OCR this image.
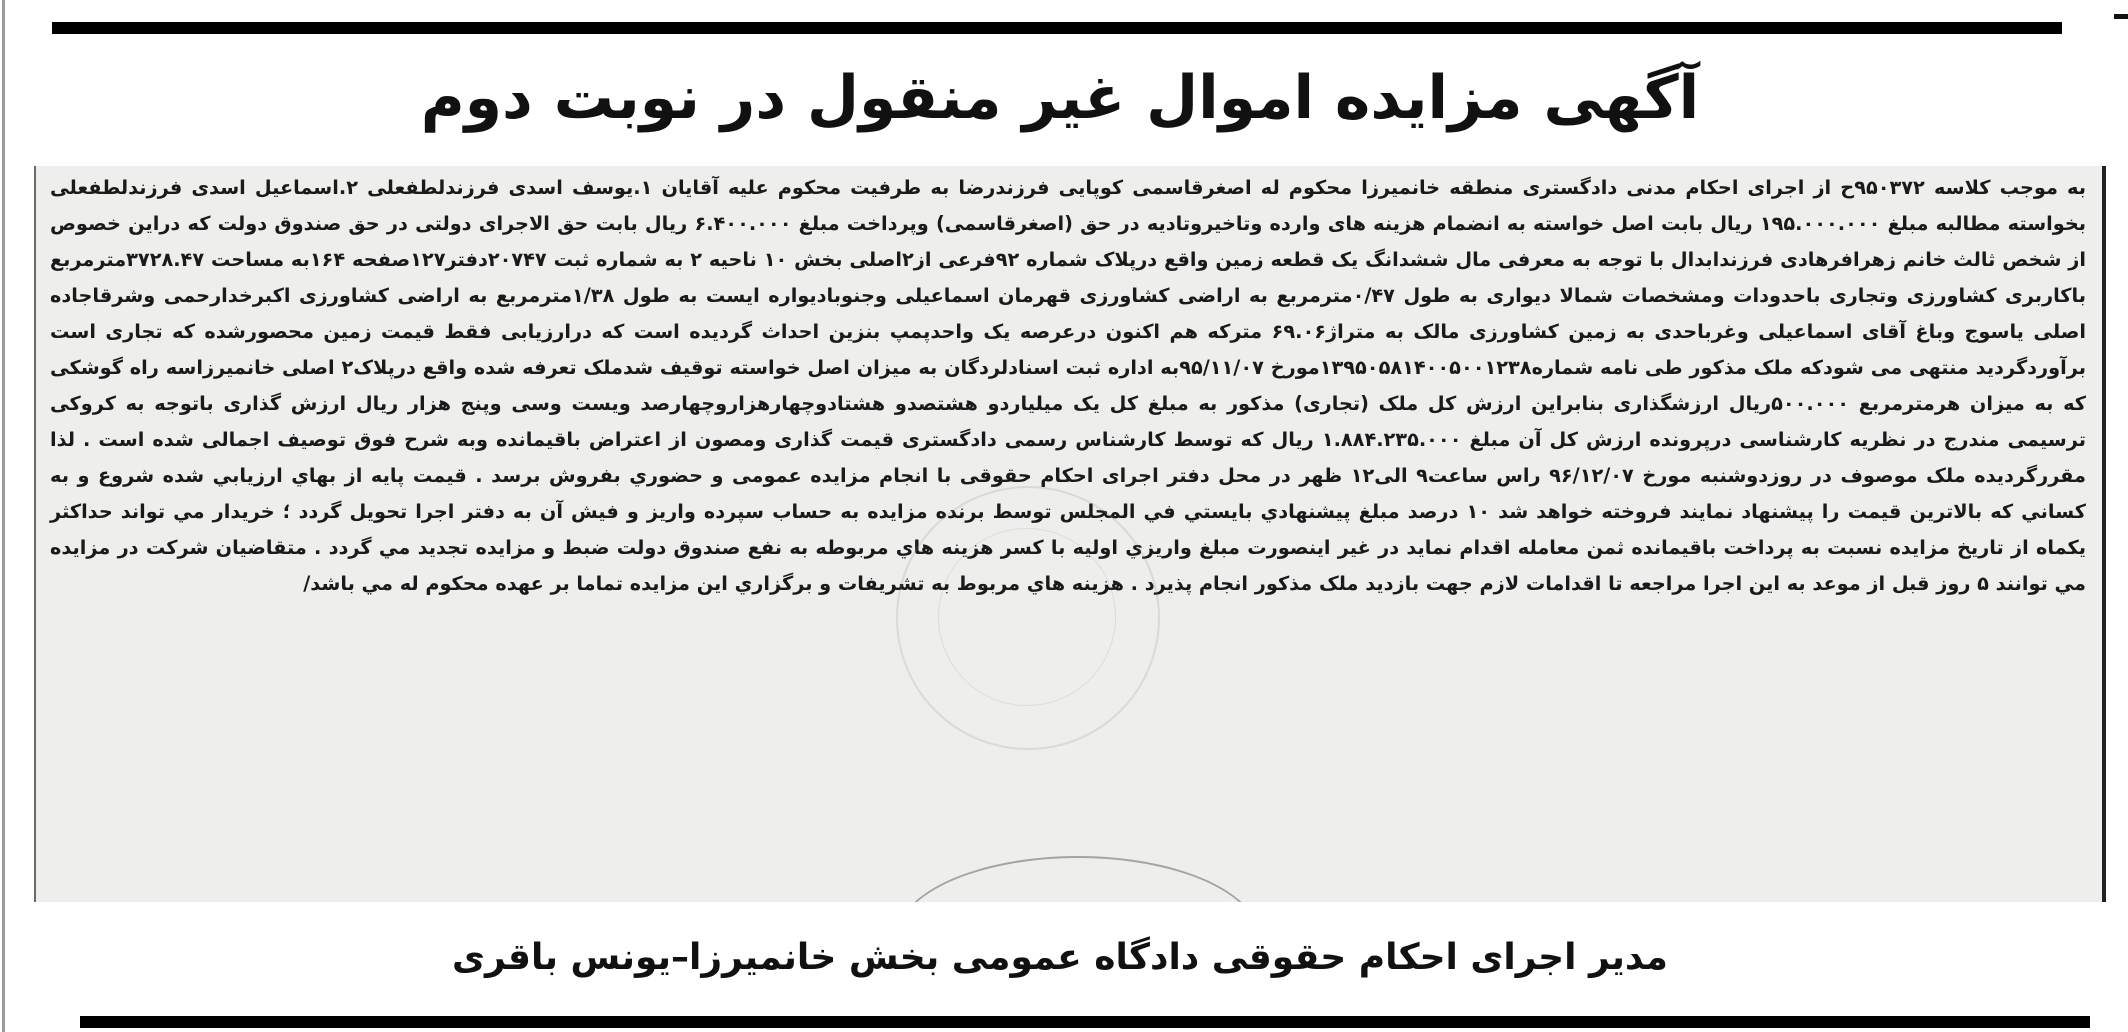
آگهی مزایده اموال غیر منقول در نوبت دوم

به موجب کلاسه ۹۵۰۳۷۲ح از اجرای احکام مدنی دادگستری منطقه خانمیرزا محکوم له اصغرقاسمی کوپایی فرزندرضا به طرفیت محکوم علیه آقایان ۱.یوسف اسدی فرزندلطفعلی ۲.اسماعیل اسدی فرزندلطفعلی بخواسته مطالبه مبلغ ۱۹۵.۰۰۰.۰۰۰ ریال بابت اصل خواسته به انضمام هزینه های وارده وتاخیروتادیه در حق (اصغرقاسمی) وپرداخت مبلغ ۶.۴۰۰.۰۰۰ ریال بابت حق الاجرای دولتی در حق صندوق دولت که دراین خصوص از شخص ثالث خانم زهرافرهادی فرزندابدال با توجه به معرفی مال ششدانگ یک قطعه زمین واقع درپلاک شماره ۹۲فرعی از۲اصلی بخش ۱۰ ناحیه ۲ به شماره ثبت ۲۰۷۴۷دفتر۱۲۷صفحه ۱۶۴به مساحت ۳۷۲۸.۴۷مترمربع باکاربری کشاورزی وتجاری باحدودات ومشخصات شمالا دیواری به طول ۰/۴۷مترمربع به اراضی کشاورزی قهرمان اسماعیلی وجنوبادیواره ایست به طول ۱/۳۸مترمربع به اراضی کشاورزی اکبرخدارحمی وشرقاجاده اصلی یاسوج وباغ آقای اسماعیلی وغرباحدی به زمین کشاورزی مالک به متراژ۶۹.۰۶ مترکه هم اکنون درعرصه یک واحدپمپ بنزین احداث گردیده است که درارزیابی فقط قیمت زمین محصورشده که تجاری است برآوردگردید منتهی می شودکه ملک مذکور طی نامه شماره۱۳۹۵۰۵۸۱۴۰۰۵۰۰۱۲۳۸مورخ ۹۵/۱۱/۰۷به اداره ثبت اسنادلردگان به میزان اصل خواسته توقیف شدملک تعرفه شده واقع درپلاک۲ اصلی خانمیرزاسه راه گوشکی که به میزان هرمترمربع ۵۰۰.۰۰۰ریال ارزشگذاری بنابراین ارزش کل ملک (تجاری) مذکور به مبلغ کل یک میلیاردو هشتصدو هشتادوچهارهزاروچهارصد ویست وسی وپنج هزار ریال ارزش گذاری باتوجه به کروکی ترسیمی مندرج در نظریه کارشناسی درپرونده ارزش کل آن مبلغ ۱.۸۸۴.۲۳۵.۰۰۰ ریال که توسط کارشناس رسمی دادگستری قیمت گذاری ومصون از اعتراض باقیمانده وبه شرح فوق توصیف اجمالی شده است . لذا مقررگردیده ملک موصوف در روزدوشنبه مورخ ۹۶/۱۲/۰۷ راس ساعت۹ الی۱۲ ظهر در محل دفتر اجرای احکام حقوقی با انجام مزایده عمومی و حضوري بفروش برسد . قیمت پایه از بهاي ارزیابي شده شروع و به کساني که بالاترین قیمت را پیشنهاد نمایند فروخته خواهد شد ۱۰ درصد مبلغ پیشنهادي بایستي في المجلس توسط برنده مزایده به حساب سپرده واریز و فیش آن به دفتر اجرا تحویل گردد ؛ خریدار مي تواند حداکثر یکماه از تاریخ مزایده نسبت به پرداخت باقیمانده ثمن معامله اقدام نماید در غیر اینصورت مبلغ واریزي اولیه با کسر هزینه هاي مربوطه به نفع صندوق دولت ضبط و مزایده تجدید مي گردد . متقاضیان شرکت در مزایده مي توانند ۵ روز قبل از موعد به این اجرا مراجعه تا اقدامات لازم جهت بازدید ملک مذکور انجام پذیرد . هزینه هاي مربوط به تشریفات و برگزاري این مزایده تماما بر عهده محکوم له مي باشد/

مدیر اجرای احکام حقوقی دادگاه عمومی بخش خانمیرزا–یونس باقری
